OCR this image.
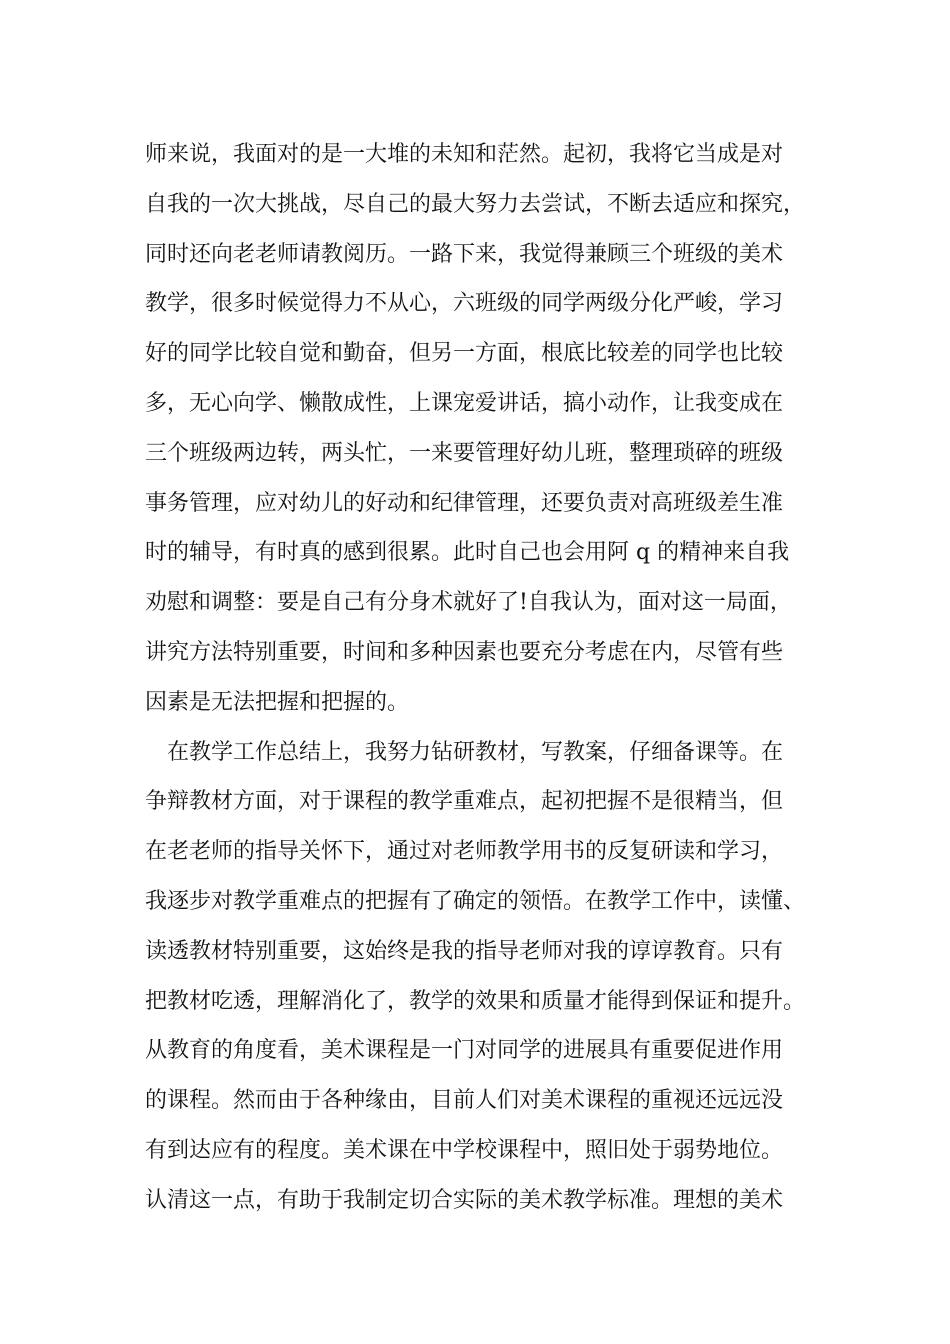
师来说，我面对的是一大堆的未知和茫然。起初，我将它当成是对
自我的一次大挑战，尽自己的最大努力去尝试，不断去适应和探究，
同时还向老老师请教阅历。一路下来，我觉得兼顾三个班级的美术
教学，很多时候觉得力不从心，六班级的同学两级分化严峻，学习
好的同学比较自觉和勤奋，但另一方面，根底比较差的同学也比较
多，无心向学、懒散成性，上课宠爱讲话，搞小动作，让我变成在
三个班级两边转，两头忙，一来要管理好幼儿班，整理琐碎的班级
事务管理，应对幼儿的好动和纪律管理，还要负责对高班级差生准
时的辅导，有时真的感到很累。此时自己也会用阿 q 的精神来自我
劝慰和调整：要是自己有分身术就好了!自我认为，面对这一局面，
讲究方法特别重要，时间和多种因素也要充分考虑在内，尽管有些
因素是无法把握和把握的。
　在教学工作总结上，我努力钻研教材，写教案，仔细备课等。在
争辩教材方面，对于课程的教学重难点，起初把握不是很精当，但
在老老师的指导关怀下，通过对老师教学用书的反复研读和学习，
我逐步对教学重难点的把握有了确定的领悟。在教学工作中，读懂、
读透教材特别重要，这始终是我的指导老师对我的谆谆教育。只有
把教材吃透，理解消化了，教学的效果和质量才能得到保证和提升。
从教育的角度看，美术课程是一门对同学的进展具有重要促进作用
的课程。然而由于各种缘由，目前人们对美术课程的重视还远远没
有到达应有的程度。美术课在中学校课程中，照旧处于弱势地位。
认清这一点，有助于我制定切合实际的美术教学标准。理想的美术
